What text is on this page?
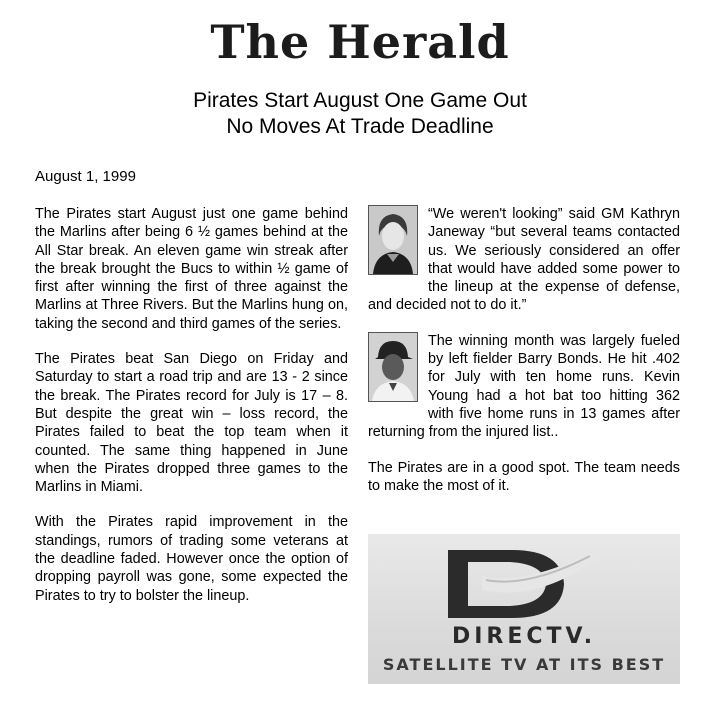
The Herald
Pirates Start August One Game Out
No Moves At Trade Deadline
August 1, 1999

The Pirates start August just one game behind the Marlins after being 6 ½ games behind at the All Star break. An eleven game win streak after the break brought the Bucs to within ½ game of first after winning the first of three against the Marlins at Three Rivers. But the Marlins hung on, taking the second and third games of the series.

The Pirates beat San Diego on Friday and Saturday to start a road trip and are 13 - 2 since the break. The Pirates record for July is 17 – 8. But despite the great win – loss record, the Pirates failed to beat the top team when it counted. The same thing happened in June when the Pirates dropped three games to the Marlins in Miami.

With the Pirates rapid improvement in the standings, rumors of trading some veterans at the deadline faded. However once the option of dropping payroll was gone, some expected the Pirates to try to bolster the lineup.

“We weren't looking” said GM Kathryn Janeway “but several teams contacted us. We seriously considered an offer that would have added some power to the lineup at the expense of defense, and decided not to do it.”

The winning month was largely fueled by left fielder Barry Bonds. He hit .402 for July with ten home runs. Kevin Young had a hot bat too hitting 362 with five home runs in 13 games after returning from the injured list..

The Pirates are in a good spot. The team needs to make the most of it.

DIRECTV.
SATELLITE TV AT ITS BEST
